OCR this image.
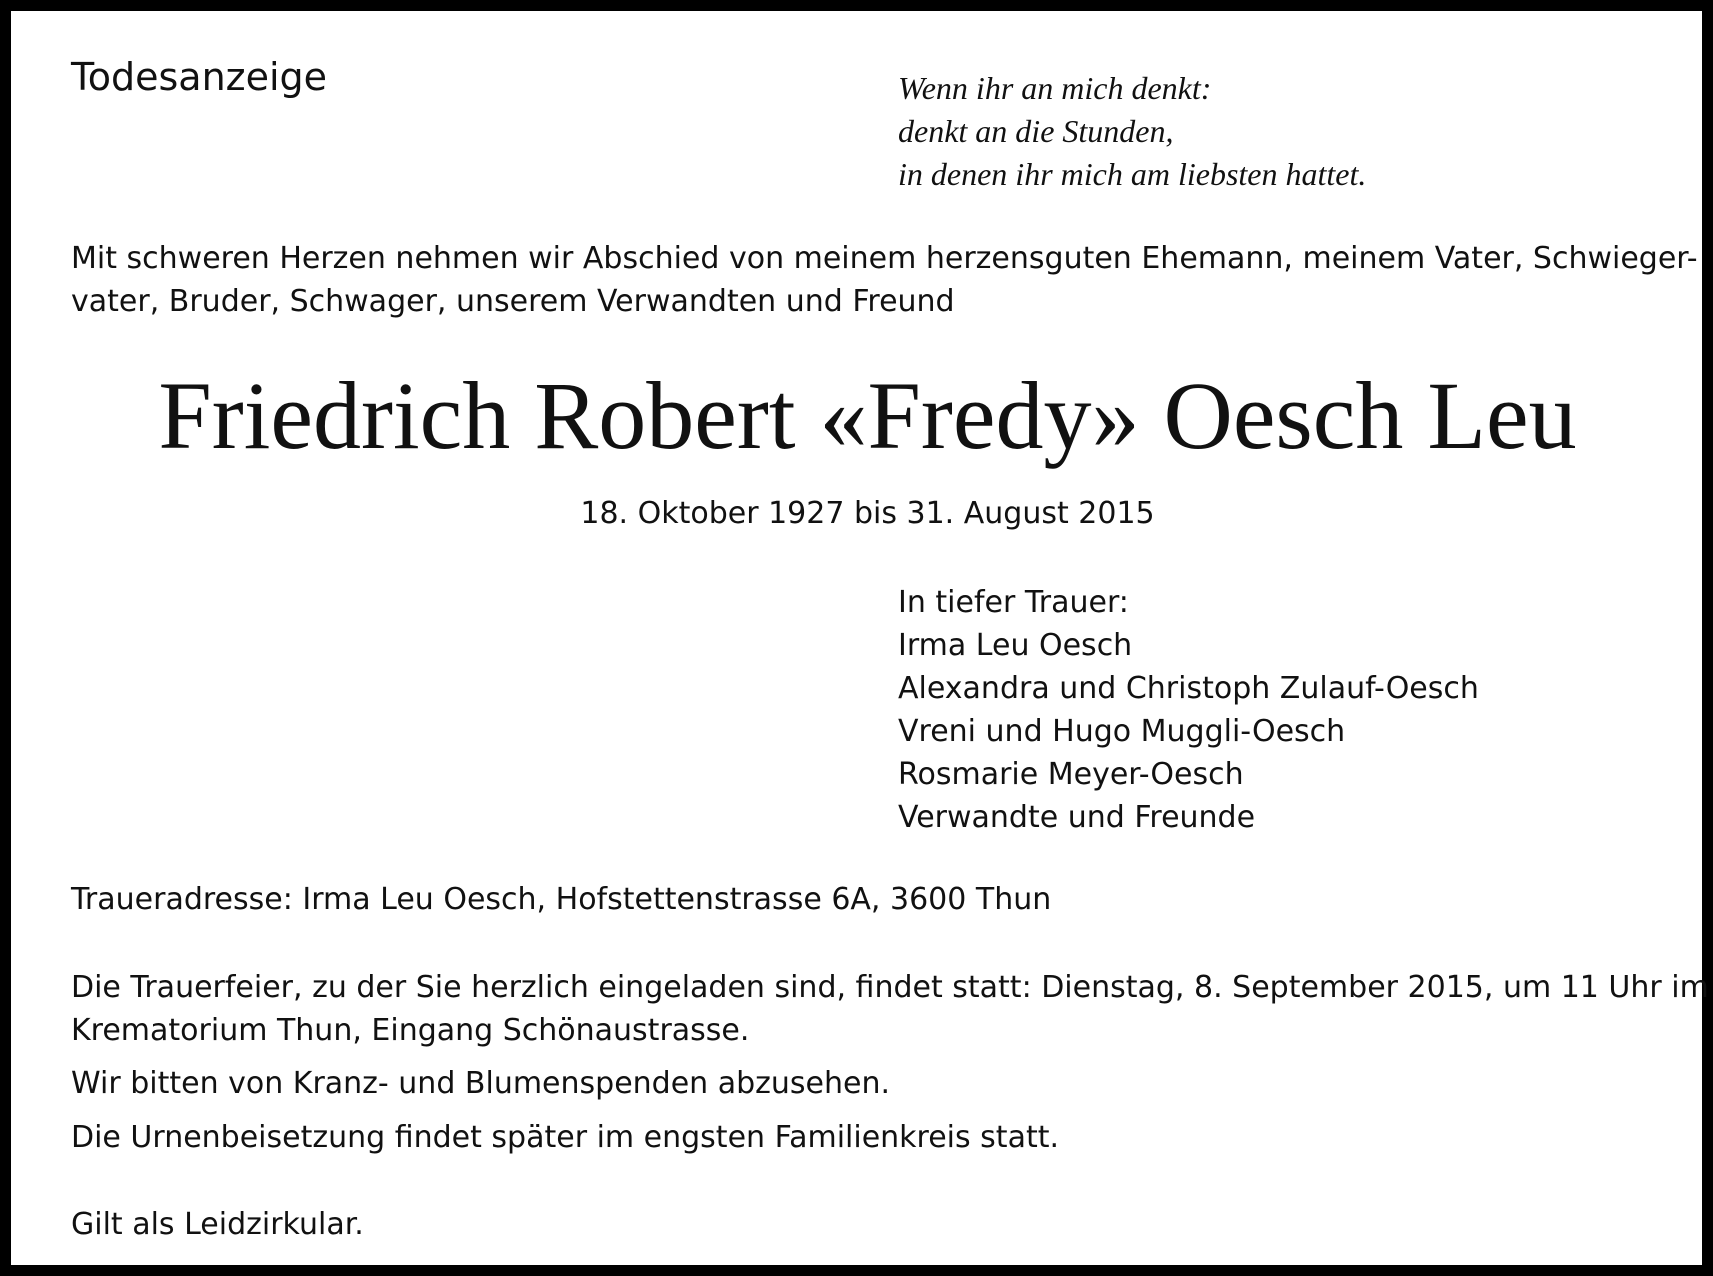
Todesanzeige	Wenn ihr an mich denkt:
denkt an die Stunden,
in denen ihr mich am liebsten hattet.
Mit schweren Herzen nehmen wir Abschied von meinem herzensguten Ehemann, meinem Vater, Schwieger-
vater, Bruder, Schwager, unserem Verwandten und Freund
Friedrich Robert «Fredy» Oesch Leu
18. Oktober 1927 bis 31. August 2015
In tiefer Trauer:
Irma Leu Oesch
Alexandra und Christoph Zulauf-Oesch
Vreni und Hugo Muggli-Oesch
Rosmarie Meyer-Oesch
Verwandte und Freunde
Traueradresse: Irma Leu Oesch, Hofstettenstrasse 6A, 3600 Thun
Die Trauerfeier, zu der Sie herzlich eingeladen sind, findet statt: Dienstag, 8. September 2015, um 11 Uhr im
Krematorium Thun, Eingang Schönaustrasse.
Wir bitten von Kranz- und Blumenspenden abzusehen.
Die Urnenbeisetzung findet später im engsten Familienkreis statt.
Gilt als Leidzirkular.
